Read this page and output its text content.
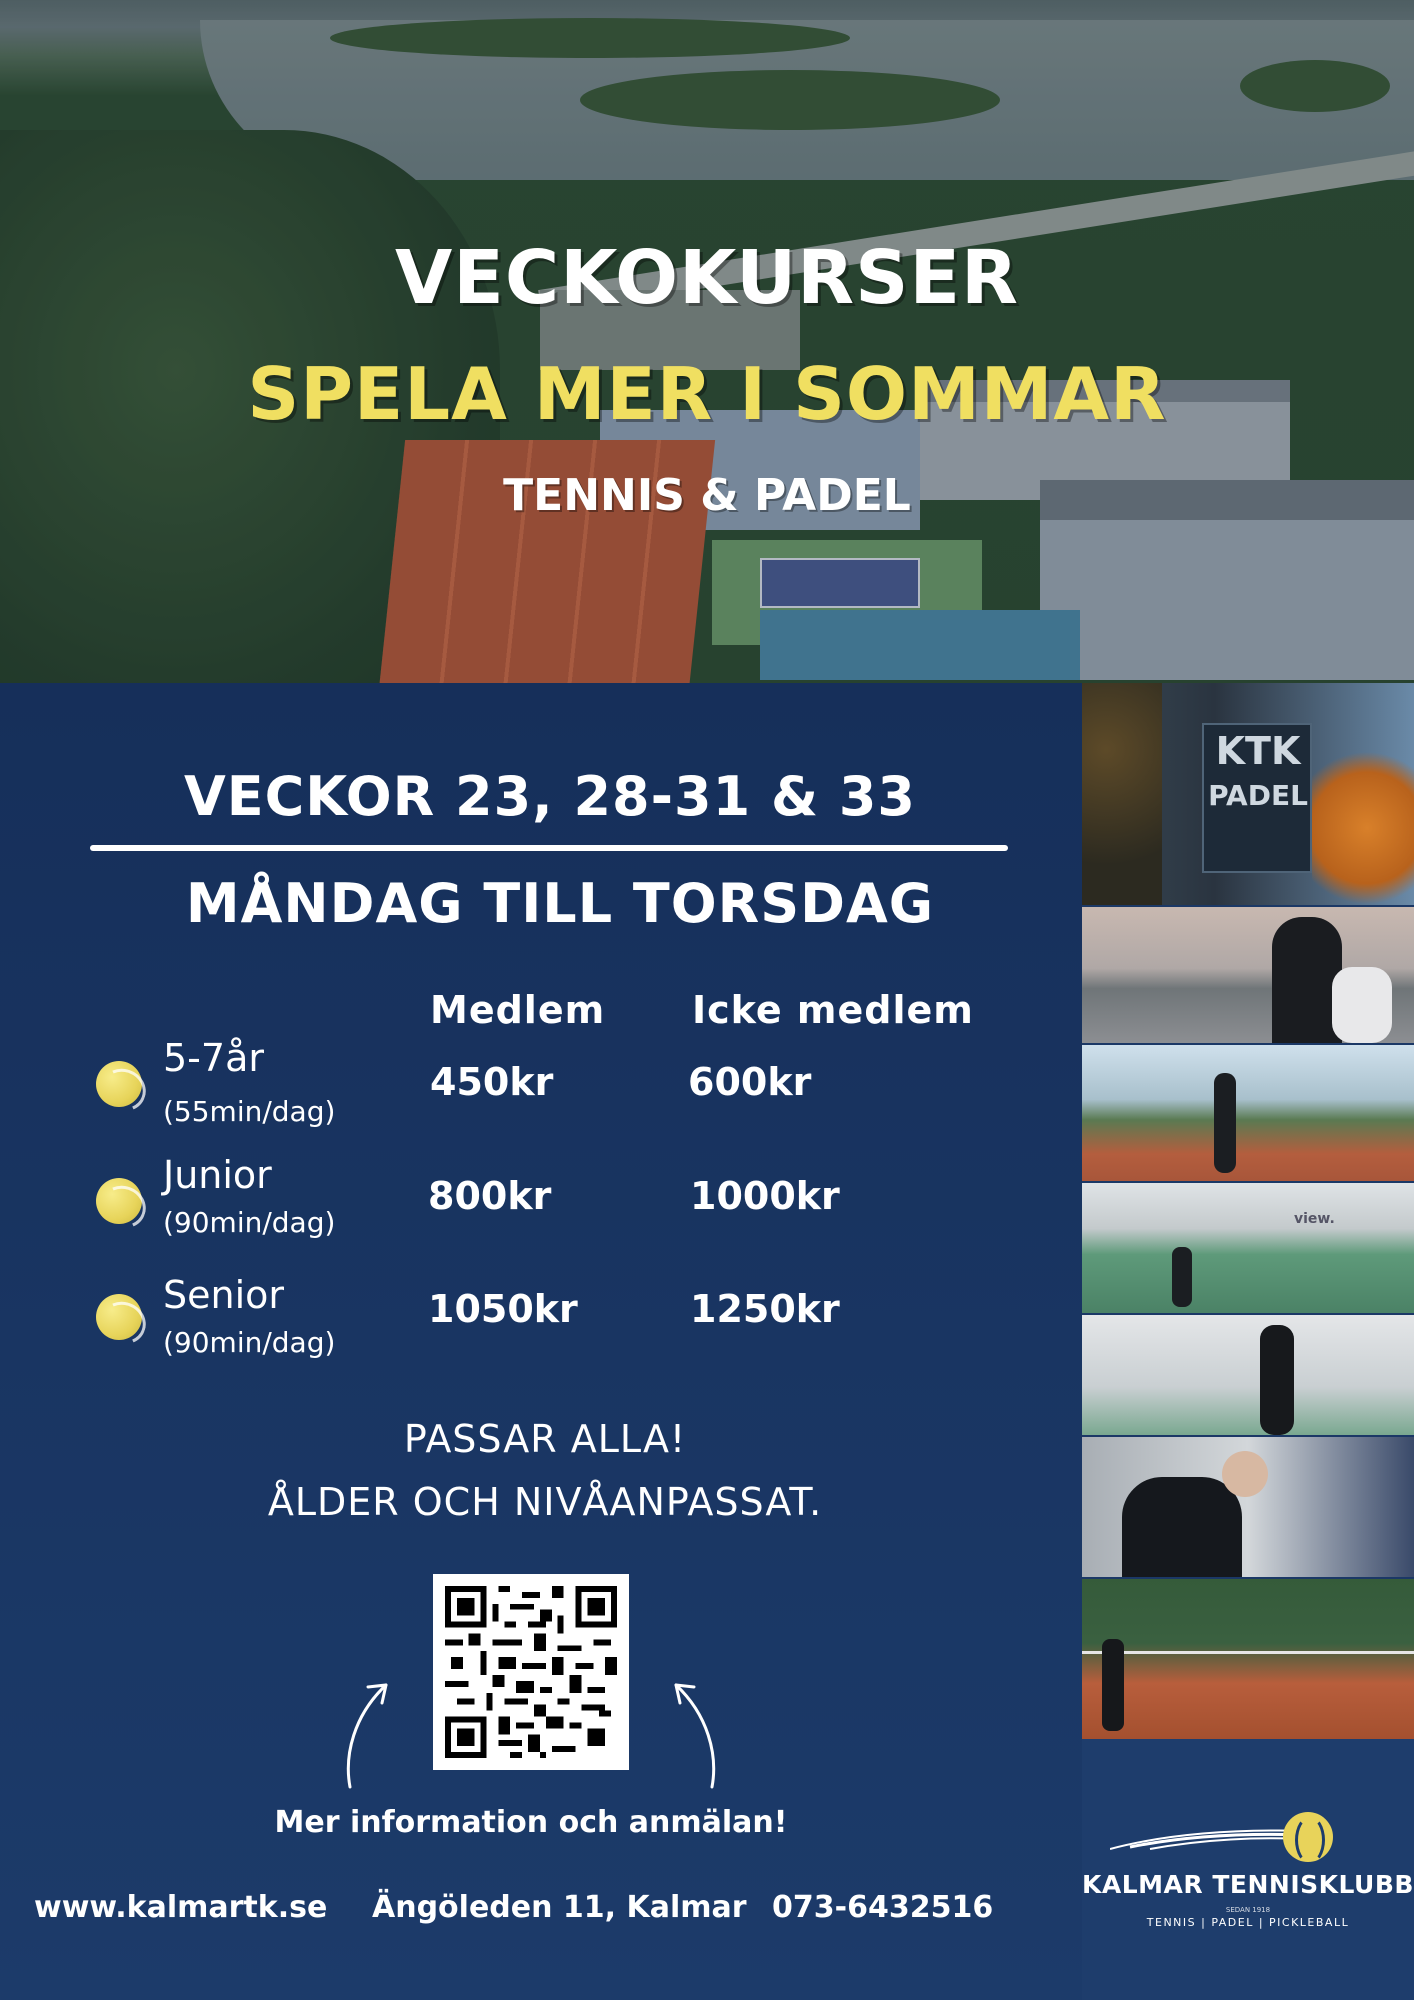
VECKOKURSER
SPELA MER I SOMMAR
TENNIS & PADEL
VECKOR 23, 28-31 & 33
MÅNDAG TILL TORSDAG
Medlem Icke medlem
5-7år
(55min/dag)
450kr	600kr
Junior
(90min/dag)
800kr	1000kr
Senior
(90min/dag)
1050kr	1250kr
PASSAR ALLA!
ÅLDER OCH NIVÅANPASSAT.
Mer information och anmälan!
www.kalmartk.se Ängöleden 11, Kalmar 073-6432516
KTK
PADEL
view.
KALMAR TENNISKLUBB
SEDAN 1918
TENNIS | PADEL | PICKLEBALL
